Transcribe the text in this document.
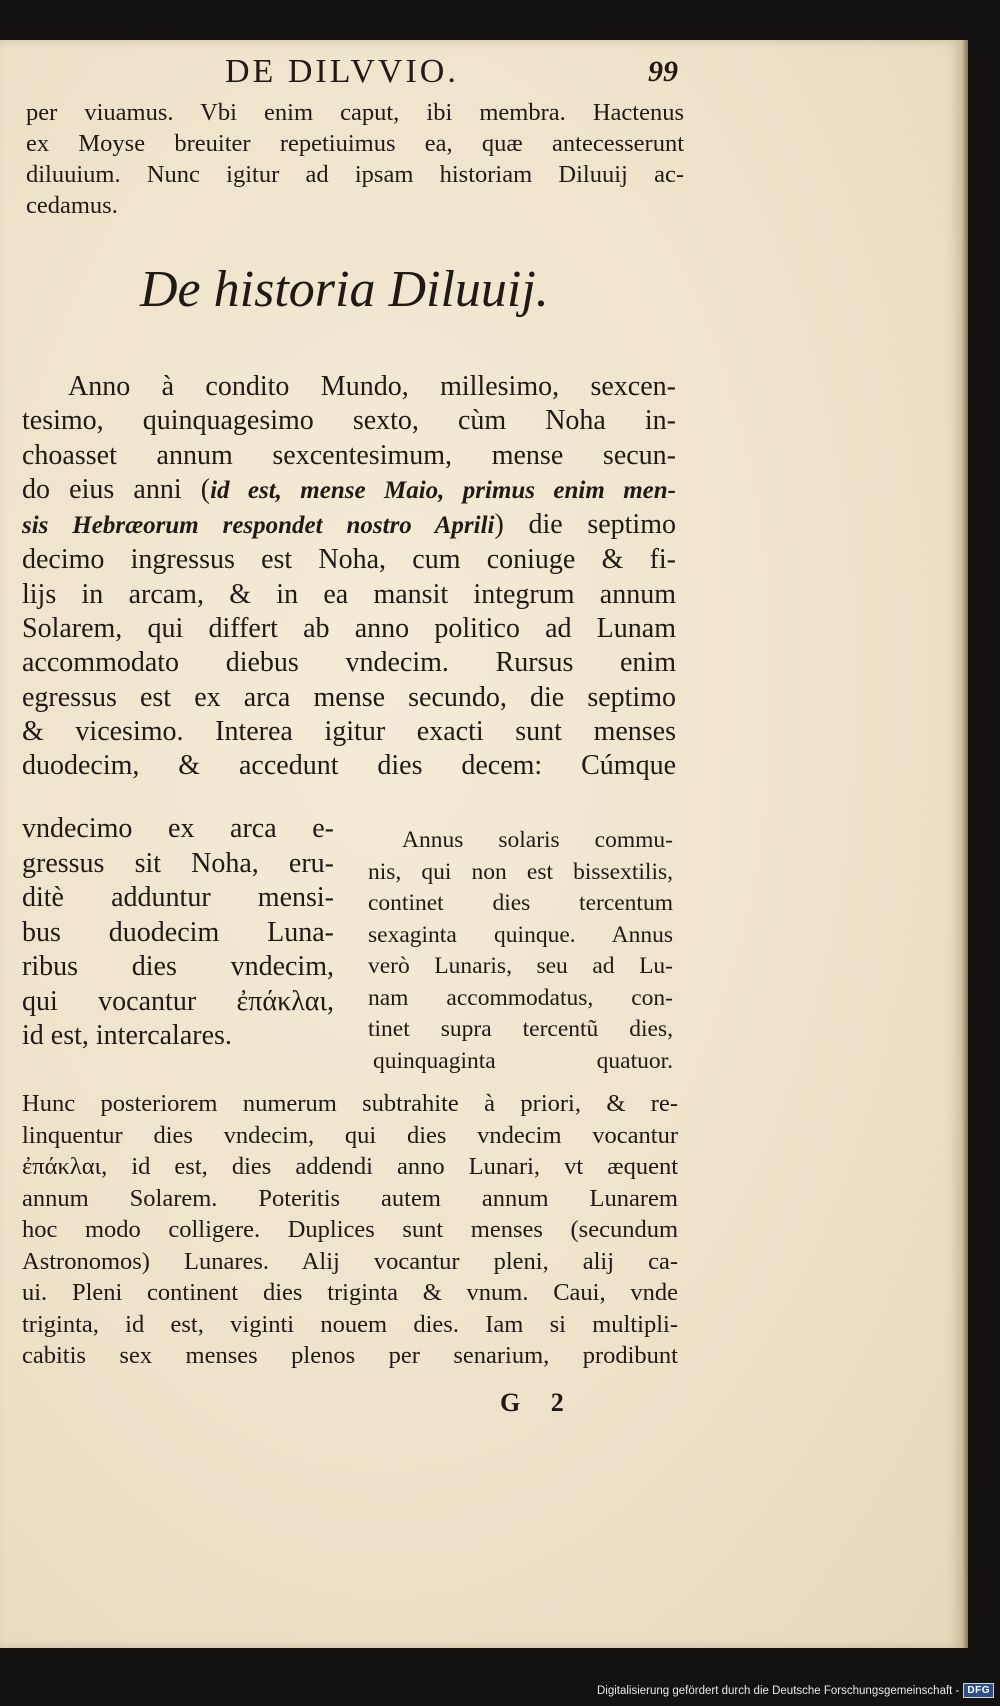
DE DILVVIO.	99
per viuamus. Vbi enim caput, ibi membra. Hactenus
ex Moyse breuiter repetiuimus ea, quæ antecesserunt
diluuium. Nunc igitur ad ipsam historiam Diluuij ac-
cedamus.
De historia Diluuij.
Anno à condito Mundo, millesimo, sexcen-
tesimo, quinquagesimo sexto, cùm Noha in-
choasset annum sexcentesimum, mense secun-
do eius anni (id est, mense Maio, primus enim men-
sis Hebræorum respondet nostro Aprili) die septimo
decimo ingressus est Noha, cum coniuge & fi-
lijs in arcam, & in ea mansit integrum annum
Solarem, qui differt ab anno politico ad Lunam
accommodato diebus vndecim. Rursus enim
egressus est ex arca mense secundo, die septimo
& vicesimo. Interea igitur exacti sunt menses
duodecim, & accedunt dies decem: Cúmque
vndecimo ex arca e-
gressus sit Noha, eru-
ditè adduntur mensi-
bus duodecim Luna-
ribus dies vndecim,
qui vocantur ἐπάκλαι,
id est, intercalares.
Annus solaris commu-
nis, qui non est bissextilis,
continet dies tercentum
sexaginta quinque. Annus
verò Lunaris, seu ad Lu-
nam accommodatus, con-
tinet supra tercentũ dies,
quinquaginta quatuor.
Hunc posteriorem numerum subtrahite à priori, & re-
linquentur dies vndecim, qui dies vndecim vocantur
ἐπάκλαι, id est, dies addendi anno Lunari, vt æquent
annum Solarem. Poteritis autem annum Lunarem
hoc modo colligere. Duplices sunt menses (secundum
Astronomos) Lunares. Alij vocantur pleni, alij ca-
ui. Pleni continent dies triginta & vnum. Caui, vnde
triginta, id est, viginti nouem dies. Iam si multipli-
cabitis sex menses plenos per senarium, prodibunt
G 2
Digitalisierung gefördert durch die Deutsche Forschungsgemeinschaft - DFG
